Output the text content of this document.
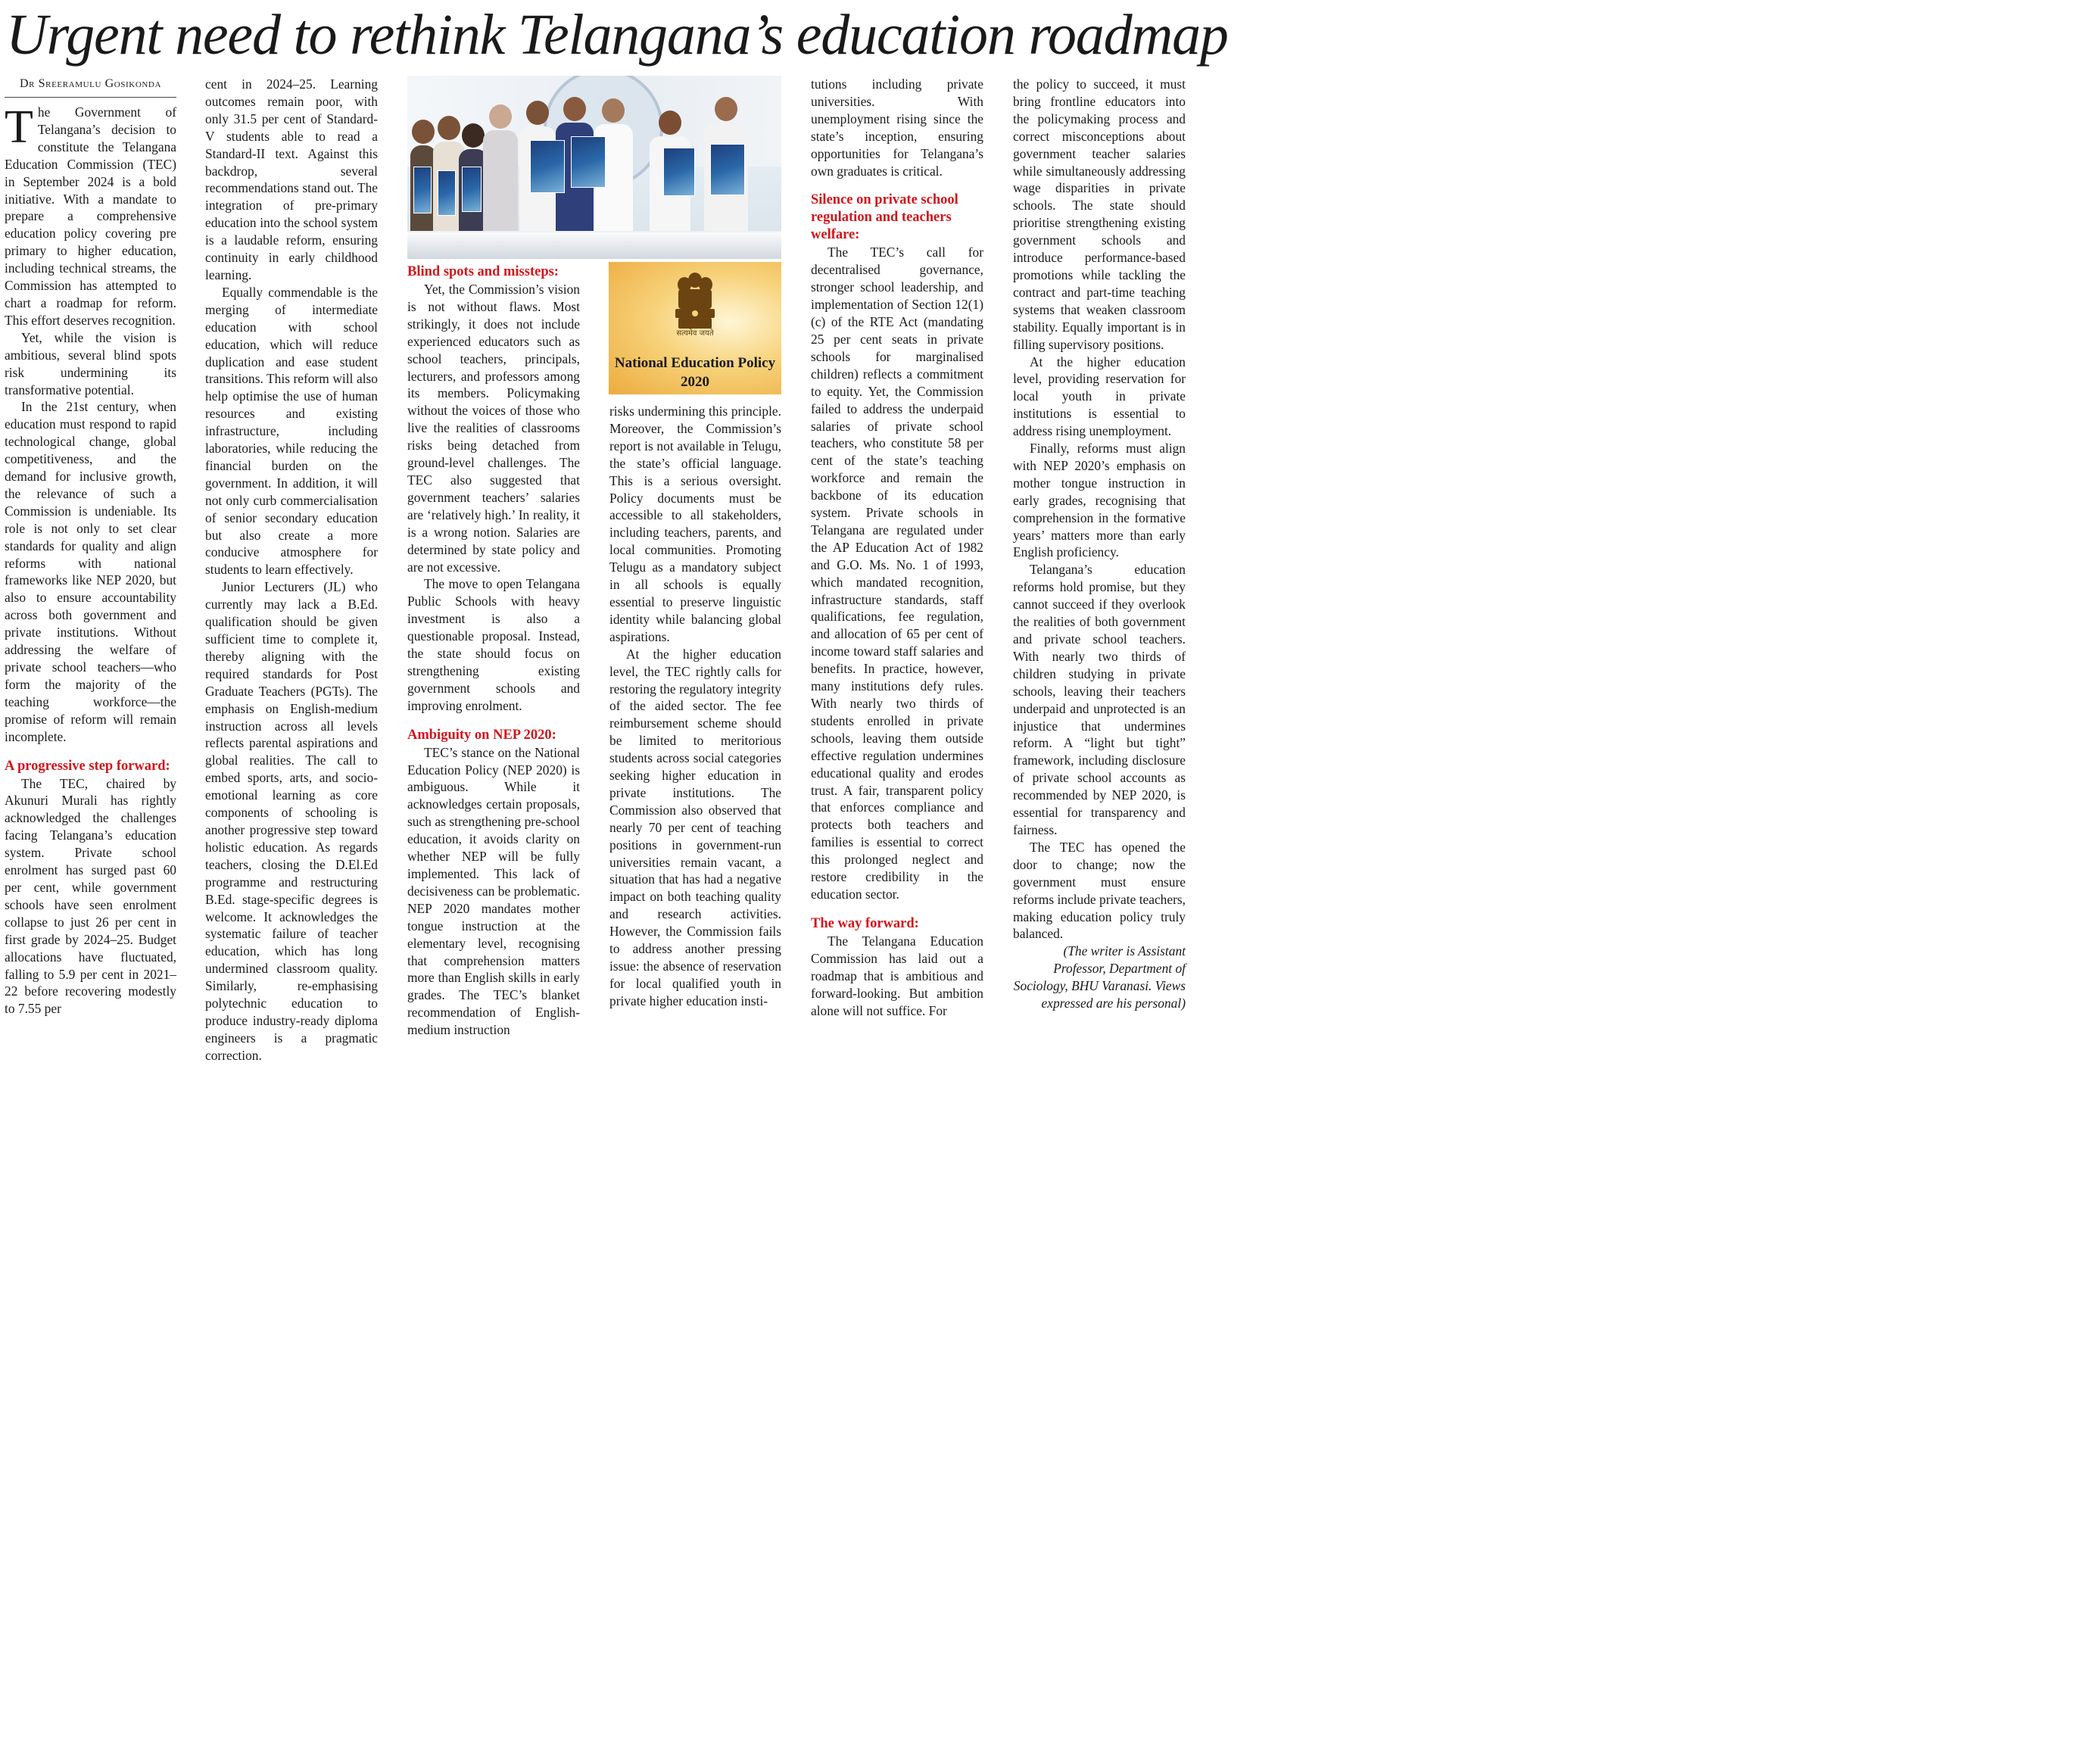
Urgent need to rethink Telangana’s education roadmap
Dr Sreeramulu Gosikonda

The Government of Telangana’s decision to constitute the Telangana Education Commission (TEC) in September 2024 is a bold initiative. With a mandate to prepare a comprehensive education policy covering pre primary to higher education, including technical streams, the Commission has attempted to chart a roadmap for reform. This effort deserves recognition.

Yet, while the vision is ambitious, several blind spots risk undermining its transformative potential.

In the 21st century, when education must respond to rapid technological change, global competitiveness, and the demand for inclusive growth, the relevance of such a Commission is undeniable. Its role is not only to set clear standards for quality and align reforms with national frameworks like NEP 2020, but also to ensure accountability across both government and private institutions. Without addressing the welfare of private school teachers—who form the majority of the teaching workforce—the promise of reform will remain incomplete.

A progressive step forward:

The TEC, chaired by Akunuri Murali has rightly acknowledged the challenges facing Telangana’s education system. Private school enrolment has surged past 60 per cent, while government schools have seen enrolment collapse to just 26 per cent in first grade by 2024–25. Budget allocations have fluctuated, falling to 5.9 per cent in 2021–22 before recovering modestly to 7.55 per

cent in 2024–25. Learning outcomes remain poor, with only 31.5 per cent of Standard-V students able to read a Standard-II text. Against this backdrop, several recommendations stand out. The integration of pre-primary education into the school system is a laudable reform, ensuring continuity in early childhood learning.

Equally commendable is the merging of intermediate education with school education, which will reduce duplication and ease student transitions. This reform will also help optimise the use of human resources and existing infrastructure, including laboratories, while reducing the financial burden on the government. In addition, it will not only curb commercialisation of senior secondary education but also create a more conducive atmosphere for students to learn effectively.

Junior Lecturers (JL) who currently may lack a B.Ed. qualification should be given sufficient time to complete it, thereby aligning with the required standards for Post Graduate Teachers (PGTs). The emphasis on English-medium instruction across all levels reflects parental aspirations and global realities. The call to embed sports, arts, and socio-emotional learning as core components of schooling is another progressive step toward holistic education. As regards teachers, closing the D.El.Ed programme and restructuring B.Ed. stage-specific degrees is welcome. It acknowledges the systematic failure of teacher education, which has long undermined classroom quality. Similarly, re-emphasising polytechnic education to produce industry-ready diploma engineers is a pragmatic correction.

Blind spots and missteps:

Yet, the Commission’s vision is not without flaws. Most strikingly, it does not include experienced educators such as school teachers, principals, lecturers, and professors among its members. Policymaking without the voices of those who live the realities of classrooms risks being detached from ground-level challenges. The TEC also suggested that government teachers’ salaries are ‘relatively high.’ In reality, it is a wrong notion. Salaries are determined by state policy and are not excessive.

The move to open Telangana Public Schools with heavy investment is also a questionable proposal. Instead, the state should focus on strengthening existing government schools and improving enrolment.

Ambiguity on NEP 2020:

TEC’s stance on the National Education Policy (NEP 2020) is ambiguous. While it acknowledges certain proposals, such as strengthening pre-school education, it avoids clarity on whether NEP will be fully implemented. This lack of decisiveness can be problematic. NEP 2020 mandates mother tongue instruction at the elementary level, recognising that comprehension matters more than English skills in early grades. The TEC’s blanket recommendation of English-medium instruction

सत्यमेव जयते
National Education Policy 2020

risks undermining this principle. Moreover, the Commission’s report is not available in Telugu, the state’s official language. This is a serious oversight. Policy documents must be accessible to all stakeholders, including teachers, parents, and local communities. Promoting Telugu as a mandatory subject in all schools is equally essential to preserve linguistic identity while balancing global aspirations.

At the higher education level, the TEC rightly calls for restoring the regulatory integrity of the aided sector. The fee reimbursement scheme should be limited to meritorious students across social categories seeking higher education in private institutions. The Commission also observed that nearly 70 per cent of teaching positions in government-run universities remain vacant, a situation that has had a negative impact on both teaching quality and research activities. However, the Commission fails to address another pressing issue: the absence of reservation for local qualified youth in private higher education insti-

tutions including private universities. With unemployment rising since the state’s inception, ensuring opportunities for Telangana’s own graduates is critical.

Silence on private school regulation and teachers welfare:

The TEC’s call for decentralised governance, stronger school leadership, and implementation of Section 12(1)(c) of the RTE Act (mandating 25 per cent seats in private schools for marginalised children) reflects a commitment to equity. Yet, the Commission failed to address the underpaid salaries of private school teachers, who constitute 58 per cent of the state’s teaching workforce and remain the backbone of its education system. Private schools in Telangana are regulated under the AP Education Act of 1982 and G.O. Ms. No. 1 of 1993, which mandated recognition, infrastructure standards, staff qualifications, fee regulation, and allocation of 65 per cent of income toward staff salaries and benefits. In practice, however, many institutions defy rules. With nearly two thirds of students enrolled in private schools, leaving them outside effective regulation undermines educational quality and erodes trust. A fair, transparent policy that enforces compliance and protects both teachers and families is essential to correct this prolonged neglect and restore credibility in the education sector.

The way forward:

The Telangana Education Commission has laid out a roadmap that is ambitious and forward-looking. But ambition alone will not suffice. For

the policy to succeed, it must bring frontline educators into the policymaking process and correct misconceptions about government teacher salaries while simultaneously addressing wage disparities in private schools. The state should prioritise strengthening existing government schools and introduce performance-based promotions while tackling the contract and part-time teaching systems that weaken classroom stability. Equally important is in filling supervisory positions.

At the higher education level, providing reservation for local youth in private institutions is essential to address rising unemployment.

Finally, reforms must align with NEP 2020’s emphasis on mother tongue instruction in early grades, recognising that comprehension in the formative years’ matters more than early English proficiency.

Telangana’s education reforms hold promise, but they cannot succeed if they overlook the realities of both government and private school teachers. With nearly two thirds of children studying in private schools, leaving their teachers underpaid and unprotected is an injustice that undermines reform. A “light but tight” framework, including disclosure of private school accounts as recommended by NEP 2020, is essential for transparency and fairness.

The TEC has opened the door to change; now the government must ensure reforms include private teachers, making education policy truly balanced.

(The writer is Assistant Professor, Department of Sociology, BHU Varanasi. Views expressed are his personal)
